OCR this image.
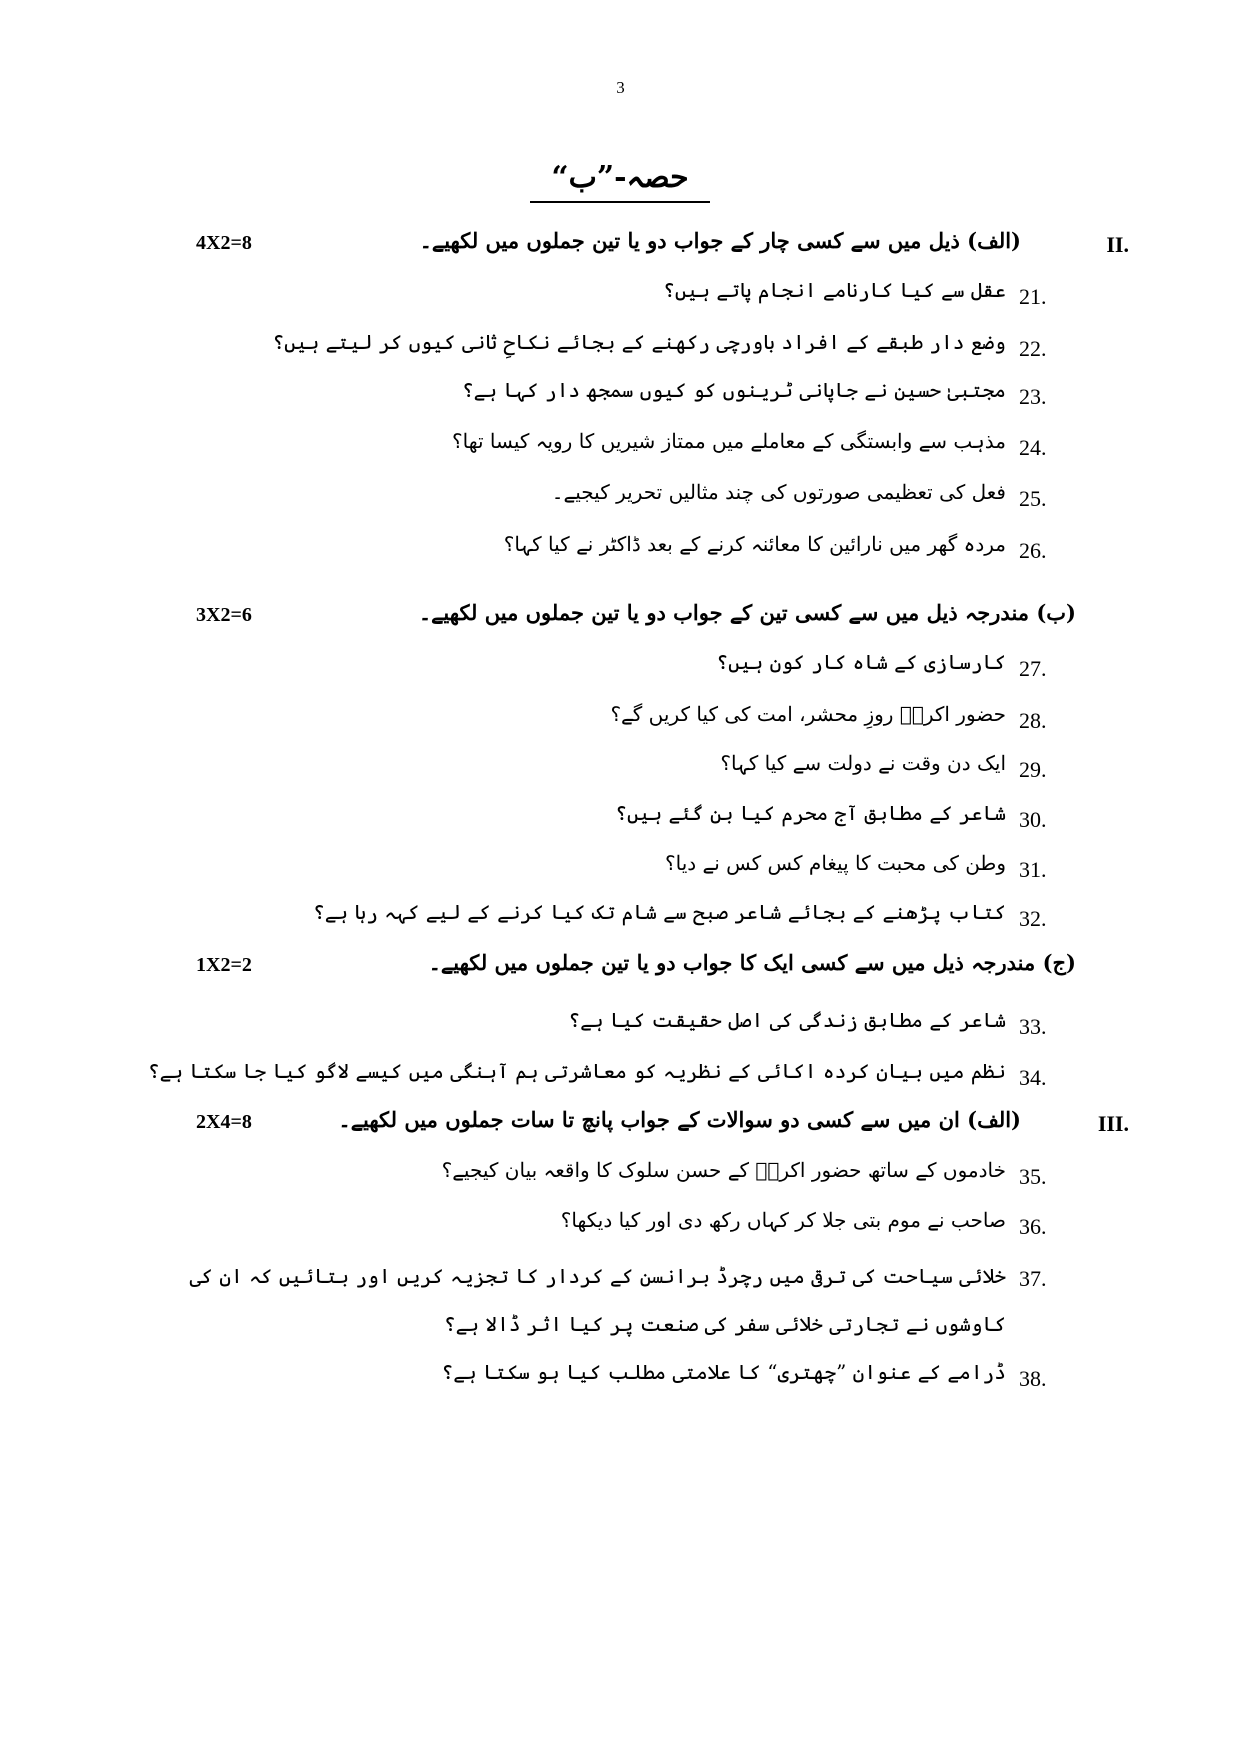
3
حصہ-”ب“
II.
(الف) ذیل میں سے کسی چار کے جواب دو یا تین جملوں میں لکھیے۔
4X2=8
21.
عقل سے کیا کارنامے انجام پاتے ہیں؟
22.
وضع دار طبقے کے افراد باورچی رکھنے کے بجائے نکاحِ ثانی کیوں کر لیتے ہیں؟
23.
مجتبیٰ حسین نے جاپانی ٹرینوں کو کیوں سمجھ دار کہا ہے؟
24.
مذہب سے وابستگی کے معاملے میں ممتاز شیریں کا رویہ کیسا تھا؟
25.
فعل کی تعظیمی صورتوں کی چند مثالیں تحریر کیجیے۔
26.
مردہ گھر میں نارائین کا معائنہ کرنے کے بعد ڈاکٹر نے کیا کہا؟
(ب) مندرجہ ذیل میں سے کسی تین کے جواب دو یا تین جملوں میں لکھیے۔
3X2=6
27.
کارسازی کے شاہ کار کون ہیں؟
28.
حضور اکرمؐ روزِ محشر، امت کی کیا کریں گے؟
29.
ایک دن وقت نے دولت سے کیا کہا؟
30.
شاعر کے مطابق آج محرم کیا بن گئے ہیں؟
31.
وطن کی محبت کا پیغام کس کس نے دیا؟
32.
کتاب پڑھنے کے بجائے شاعر صبح سے شام تک کیا کرنے کے لیے کہہ رہا ہے؟
(ج) مندرجہ ذیل میں سے کسی ایک کا جواب دو یا تین جملوں میں لکھیے۔
1X2=2
33.
شاعر کے مطابق زندگی کی اصل حقیقت کیا ہے؟
34.
نظم میں بیان کردہ اکائی کے نظریہ کو معاشرتی ہم آہنگی میں کیسے لاگو کیا جا سکتا ہے؟
III.
(الف) ان میں سے کسی دو سوالات کے جواب پانچ تا سات جملوں میں لکھیے۔
2X4=8
35.
خادموں کے ساتھ حضور اکرمؐ کے حسن سلوک کا واقعہ بیان کیجیے؟
36.
صاحب نے موم بتی جلا کر کہاں رکھ دی اور کیا دیکھا؟
37.
خلائی سیاحت کی ترقی میں رچرڈ برانسن کے کردار کا تجزیہ کریں اور بتائیں کہ ان کی کاوشوں نے تجارتی خلائی سفر کی صنعت پر کیا اثر ڈالا ہے؟
38.
ڈرامے کے عنوان ”چھتری“ کا علامتی مطلب کیا ہو سکتا ہے؟
